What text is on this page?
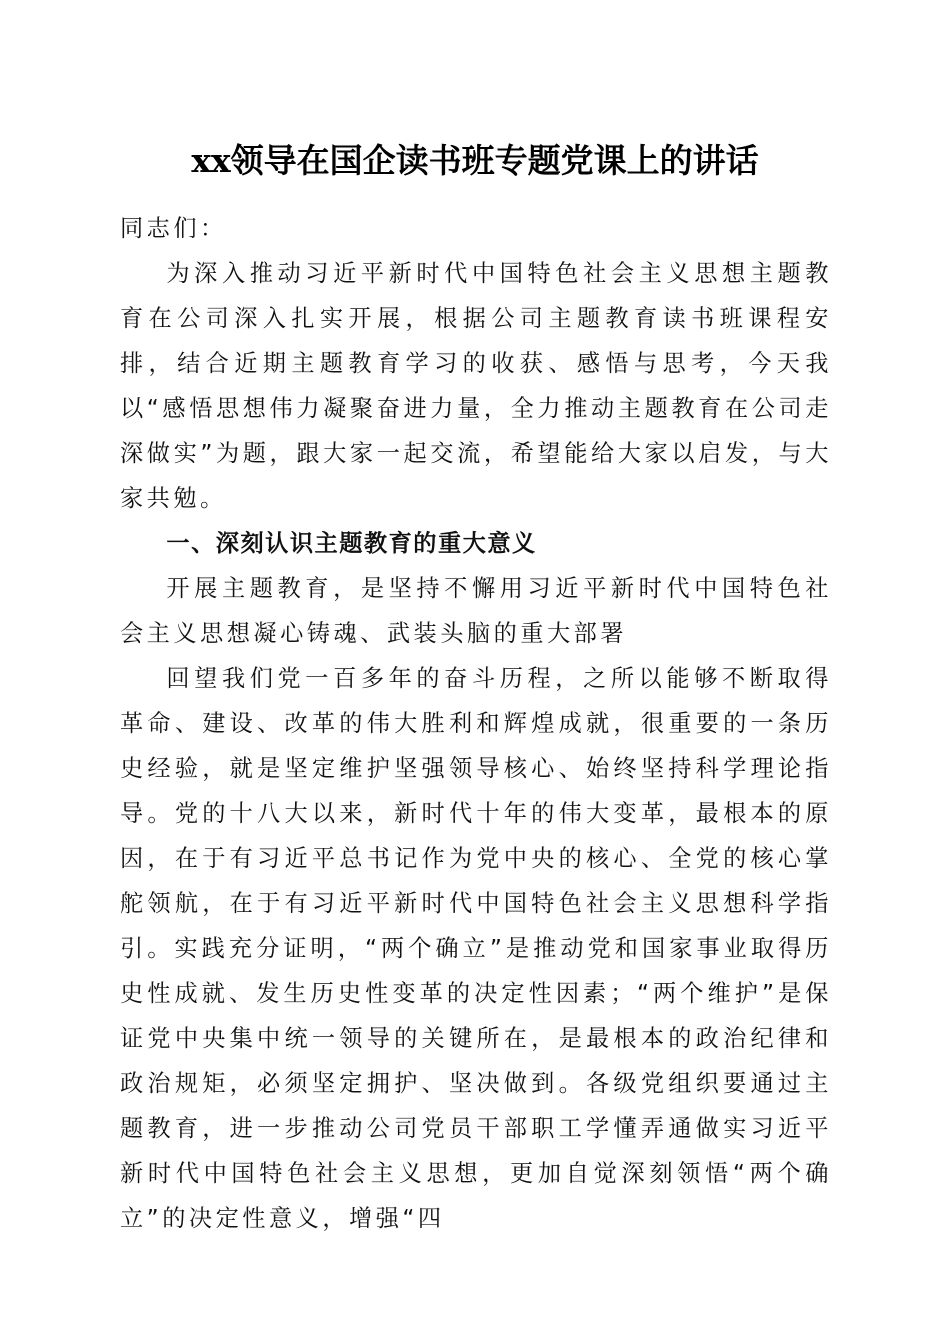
xx领导在国企读书班专题党课上的讲话

同志们：

为深入推动习近平新时代中国特色社会主义思想主题教育在公司深入扎实开展，根据公司主题教育读书班课程安排，结合近期主题教育学习的收获、感悟与思考，今天我以“感悟思想伟力凝聚奋进力量，全力推动主题教育在公司走深做实”为题，跟大家一起交流，希望能给大家以启发，与大家共勉。

一、深刻认识主题教育的重大意义

开展主题教育，是坚持不懈用习近平新时代中国特色社会主义思想凝心铸魂、武装头脑的重大部署

回望我们党一百多年的奋斗历程，之所以能够不断取得革命、建设、改革的伟大胜利和辉煌成就，很重要的一条历史经验，就是坚定维护坚强领导核心、始终坚持科学理论指导。党的十八大以来，新时代十年的伟大变革，最根本的原因，在于有习近平总书记作为党中央的核心、全党的核心掌舵领航，在于有习近平新时代中国特色社会主义思想科学指引。实践充分证明，“两个确立”是推动党和国家事业取得历史性成就、发生历史性变革的决定性因素；“两个维护”是保证党中央集中统一领导的关键所在，是最根本的政治纪律和政治规矩，必须坚定拥护、坚决做到。各级党组织要通过主题教育，进一步推动公司党员干部职工学懂弄通做实习近平新时代中国特色社会主义思想，更加自觉深刻领悟“两个确立”的决定性意义，增强“四
